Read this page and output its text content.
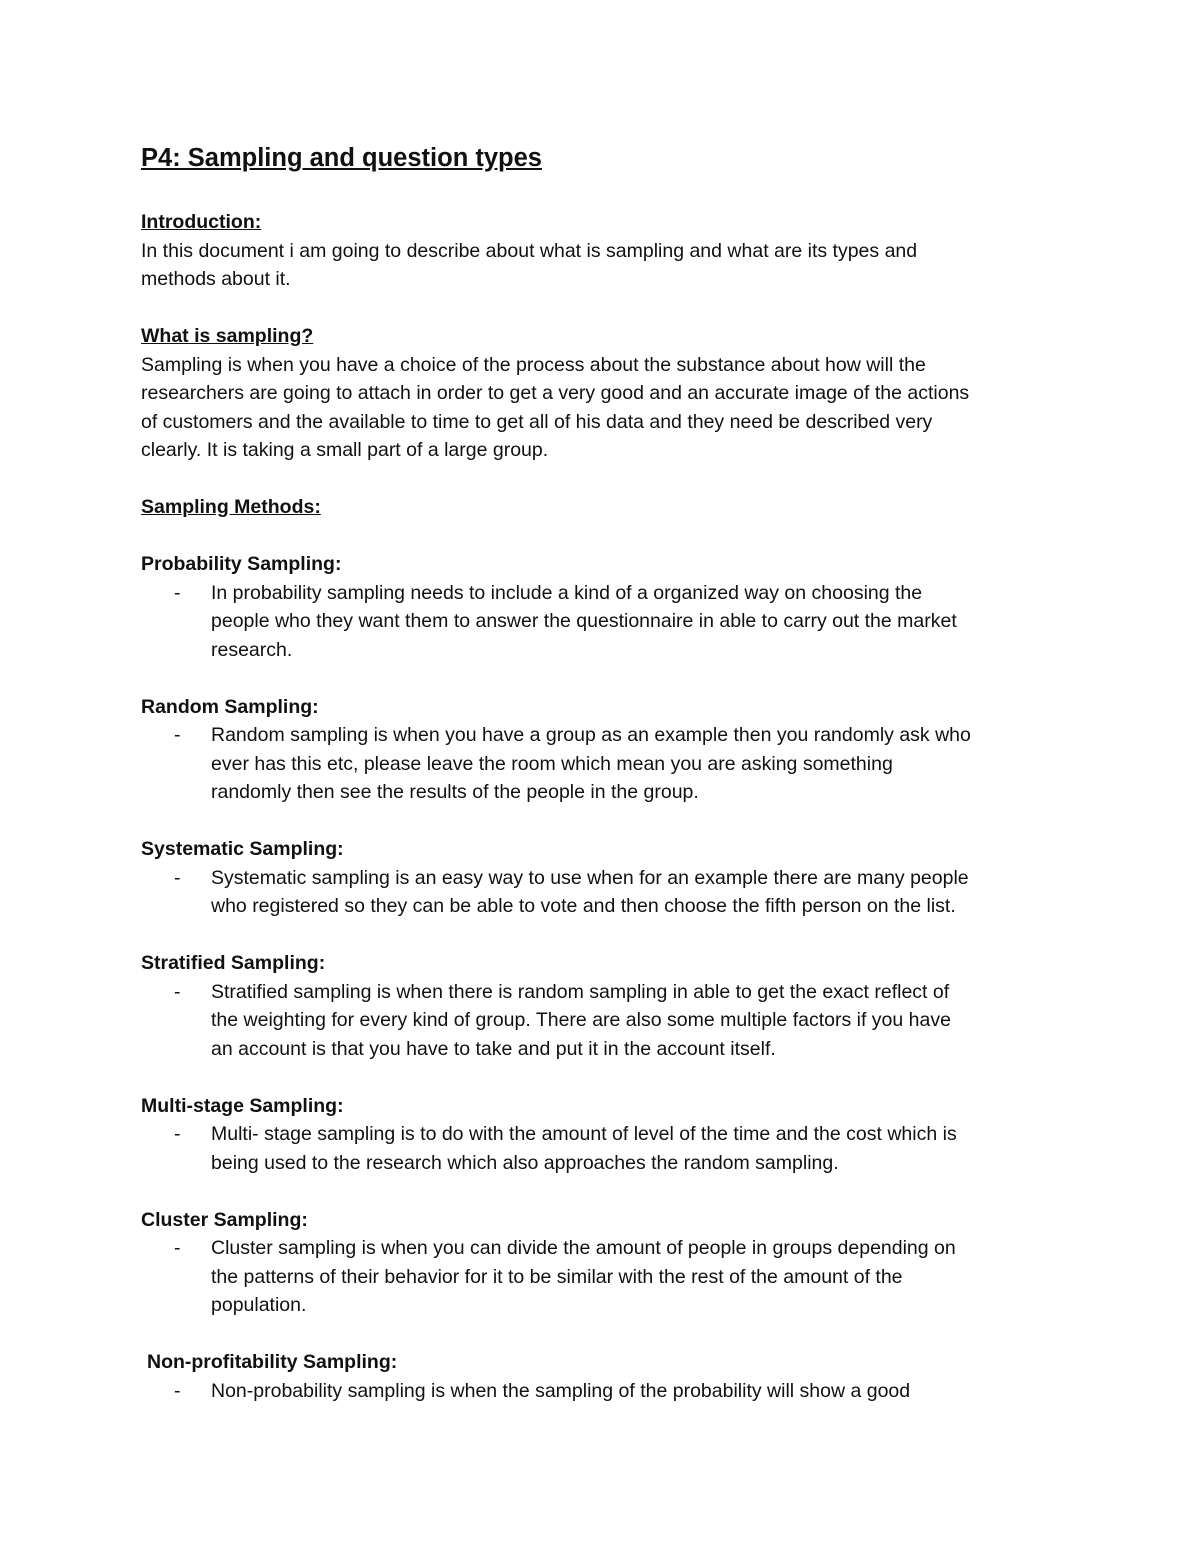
P4: Sampling and question types
Introduction:
In this document i am going to describe about what is sampling and what are its types and
methods about it.
What is sampling?
Sampling is when you have a choice of the process about the substance about how will the
researchers are going to attach in order to get a very good and an accurate image of the actions
of customers and the available to time to get all of his data and they need be described very
clearly. It is taking a small part of a large group.
Sampling Methods:
Probability Sampling:
- In probability sampling needs to include a kind of a organized way on choosing the
people who they want them to answer the questionnaire in able to carry out the market
research.
Random Sampling:
- Random sampling is when you have a group as an example then you randomly ask who
ever has this etc, please leave the room which mean you are asking something
randomly then see the results of the people in the group.
Systematic Sampling:
- Systematic sampling is an easy way to use when for an example there are many people
who registered so they can be able to vote and then choose the fifth person on the list.
Stratified Sampling:
- Stratified sampling is when there is random sampling in able to get the exact reflect of
the weighting for every kind of group. There are also some multiple factors if you have
an account is that you have to take and put it in the account itself.
Multi-stage Sampling:
- Multi- stage sampling is to do with the amount of level of the time and the cost which is
being used to the research which also approaches the random sampling.
Cluster Sampling:
- Cluster sampling is when you can divide the amount of people in groups depending on
the patterns of their behavior for it to be similar with the rest of the amount of the
population.
Non-profitability Sampling:
- Non-probability sampling is when the sampling of the probability will show a good
